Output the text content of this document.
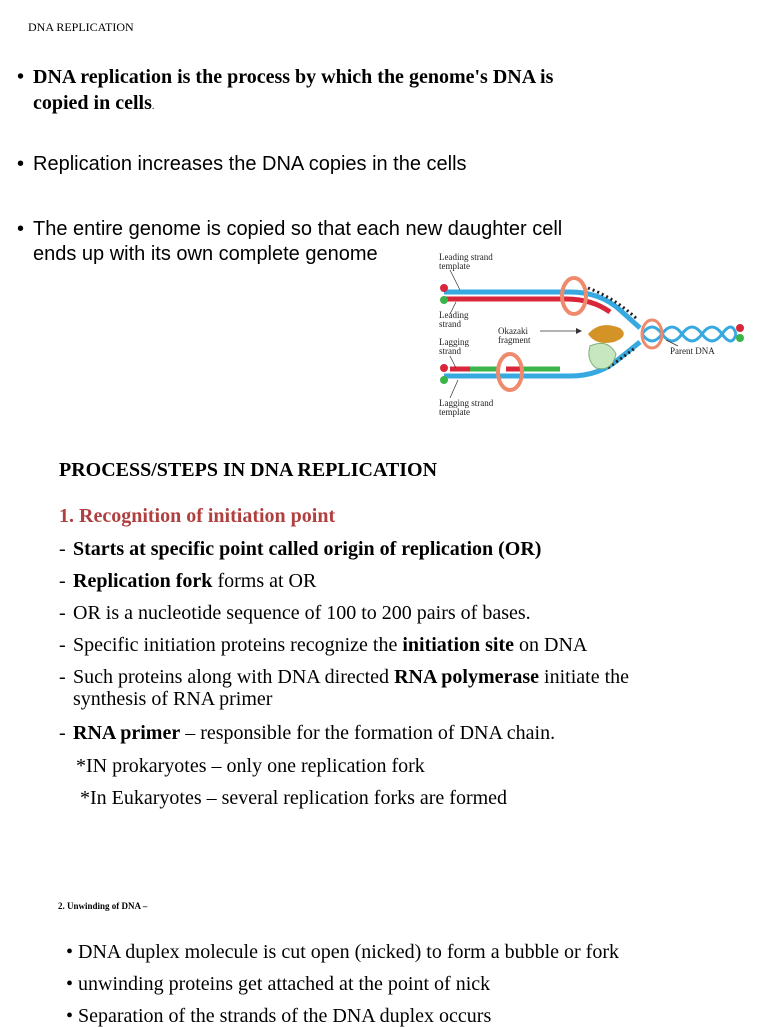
DNA REPLICATION
• DNA replication is the process by which the genome's DNA is
copied in cells.
• Replication increases the DNA copies in the cells
• The entire genome is copied so that each new daughter cell
ends up with its own complete genome	Leading strand
template
Leading
strand
Lagging
strand
Okazaki
fragment
Parent DNA
Lagging strand
template
PROCESS/STEPS IN DNA REPLICATION
1. Recognition of initiation point
- Starts at specific point called origin of replication (OR)
- Replication fork forms at OR
- OR is a nucleotide sequence of 100 to 200 pairs of bases.
- Specific initiation proteins recognize the initiation site on DNA
- Such proteins along with DNA directed RNA polymerase initiate the
synthesis of RNA primer
- RNA primer – responsible for the formation of DNA chain.
*IN prokaryotes – only one replication fork
*In Eukaryotes – several replication forks are formed
2. Unwinding of DNA –
• DNA duplex molecule is cut open (nicked) to form a bubble or fork
• unwinding proteins get attached at the point of nick
• Separation of the strands of the DNA duplex occurs
